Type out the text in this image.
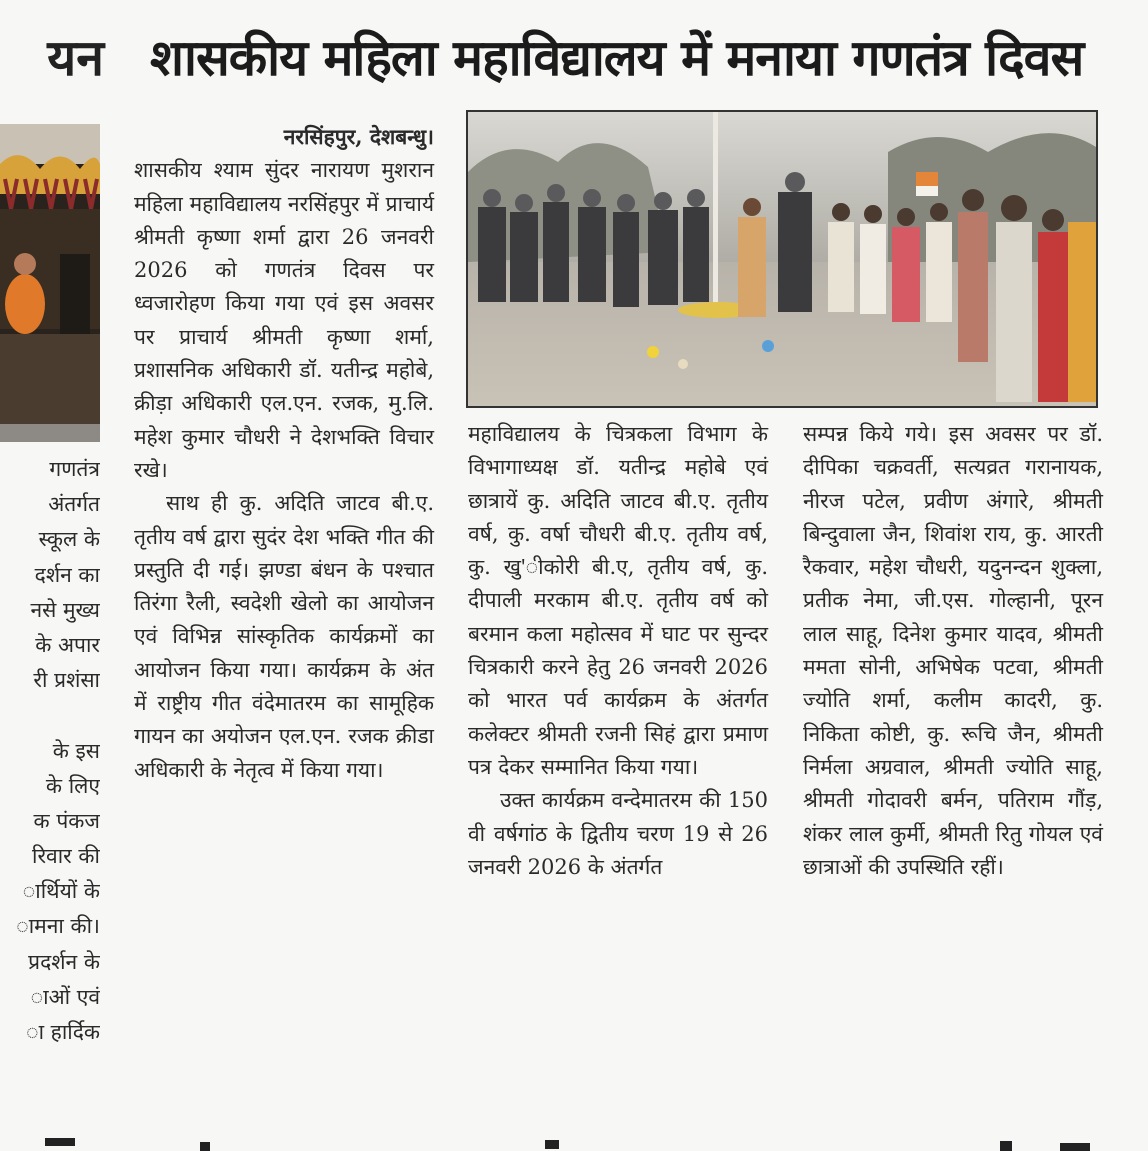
यन
गणतंत्र
अंतर्गत
स्कूल के
दर्शन का
नसे मुख्य
के अपार
री प्रशंसा
के इस
के लिए
क पंकज
रिवार की
ार्थियों के
ामना की।
प्रदर्शन के
ाओं एवं
ा हार्दिक
शासकीय महिला महाविद्यालय में मनाया गणतंत्र दिवस

नरसिंहपुर, देशबन्धु।

शासकीय श्याम सुंदर नारायण मुशरान महिला महाविद्यालय नरसिंहपुर में प्राचार्य श्रीमती कृष्णा शर्मा द्वारा 26 जनवरी 2026 को गणतंत्र दिवस पर ध्वजारोहण किया गया एवं इस अवसर पर प्राचार्य श्रीमती कृष्णा शर्मा, प्रशासनिक अधिकारी डॉ. यतीन्द्र महोबे, क्रीड़ा अधिकारी एल.एन. रजक, मु.लि. महेश कुमार चौधरी ने देशभक्ति विचार रखे।

साथ ही कु. अदिति जाटव बी.ए. तृतीय वर्ष द्वारा सुदंर देश भक्ति गीत की प्रस्तुति दी गई। झण्डा बंधन के पश्चात तिरंगा रैली, स्वदेशी खेलो का आयोजन एवं विभिन्न सांस्कृतिक कार्यक्रमों का आयोजन किया गया। कार्यक्रम के अंत में राष्ट्रीय गीत वंदेमातरम का सामूहिक गायन का अयोजन एल.एन. रजक क्रीडा अधिकारी के नेतृत्व में किया गया।

महाविद्यालय के चित्रकला विभाग के विभागाध्यक्ष डॉ. यतीन्द्र महोबे एवं छात्रायें कु. अदिति जाटव बी.ए. तृतीय वर्ष, कु. वर्षा चौधरी बी.ए. तृतीय वर्ष, कु. खु'ीकोरी बी.ए, तृतीय वर्ष, कु. दीपाली मरकाम बी.ए. तृतीय वर्ष को बरमान कला महोत्सव में घाट पर सुन्दर चित्रकारी करने हेतु 26 जनवरी 2026 को भारत पर्व कार्यक्रम के अंतर्गत कलेक्टर श्रीमती रजनी सिहं द्वारा प्रमाण पत्र देकर सम्मानित किया गया।

उक्त कार्यक्रम वन्देमातरम की 150 वी वर्षगांठ के द्वितीय चरण 19 से 26 जनवरी 2026 के अंतर्गत

सम्पन्न किये गये। इस अवसर पर डॉ. दीपिका चक्रवर्ती, सत्यव्रत गरानायक, नीरज पटेल, प्रवीण अंगारे, श्रीमती बिन्दुवाला जैन, शिवांश राय, कु. आरती रैकवार, महेश चौधरी, यदुनन्दन शुक्ला, प्रतीक नेमा, जी.एस. गोल्हानी, पूरन लाल साहू, दिनेश कुमार यादव, श्रीमती ममता सोनी, अभिषेक पटवा, श्रीमती ज्योति शर्मा, कलीम कादरी, कु. निकिता कोष्टी, कु. रूचि जैन, श्रीमती निर्मला अग्रवाल, श्रीमती ज्योति साहू, श्रीमती गोदावरी बर्मन, पतिराम गौंड़, शंकर लाल कुर्मी, श्रीमती रितु गोयल एवं छात्राओं की उपस्थिति रहीं।
